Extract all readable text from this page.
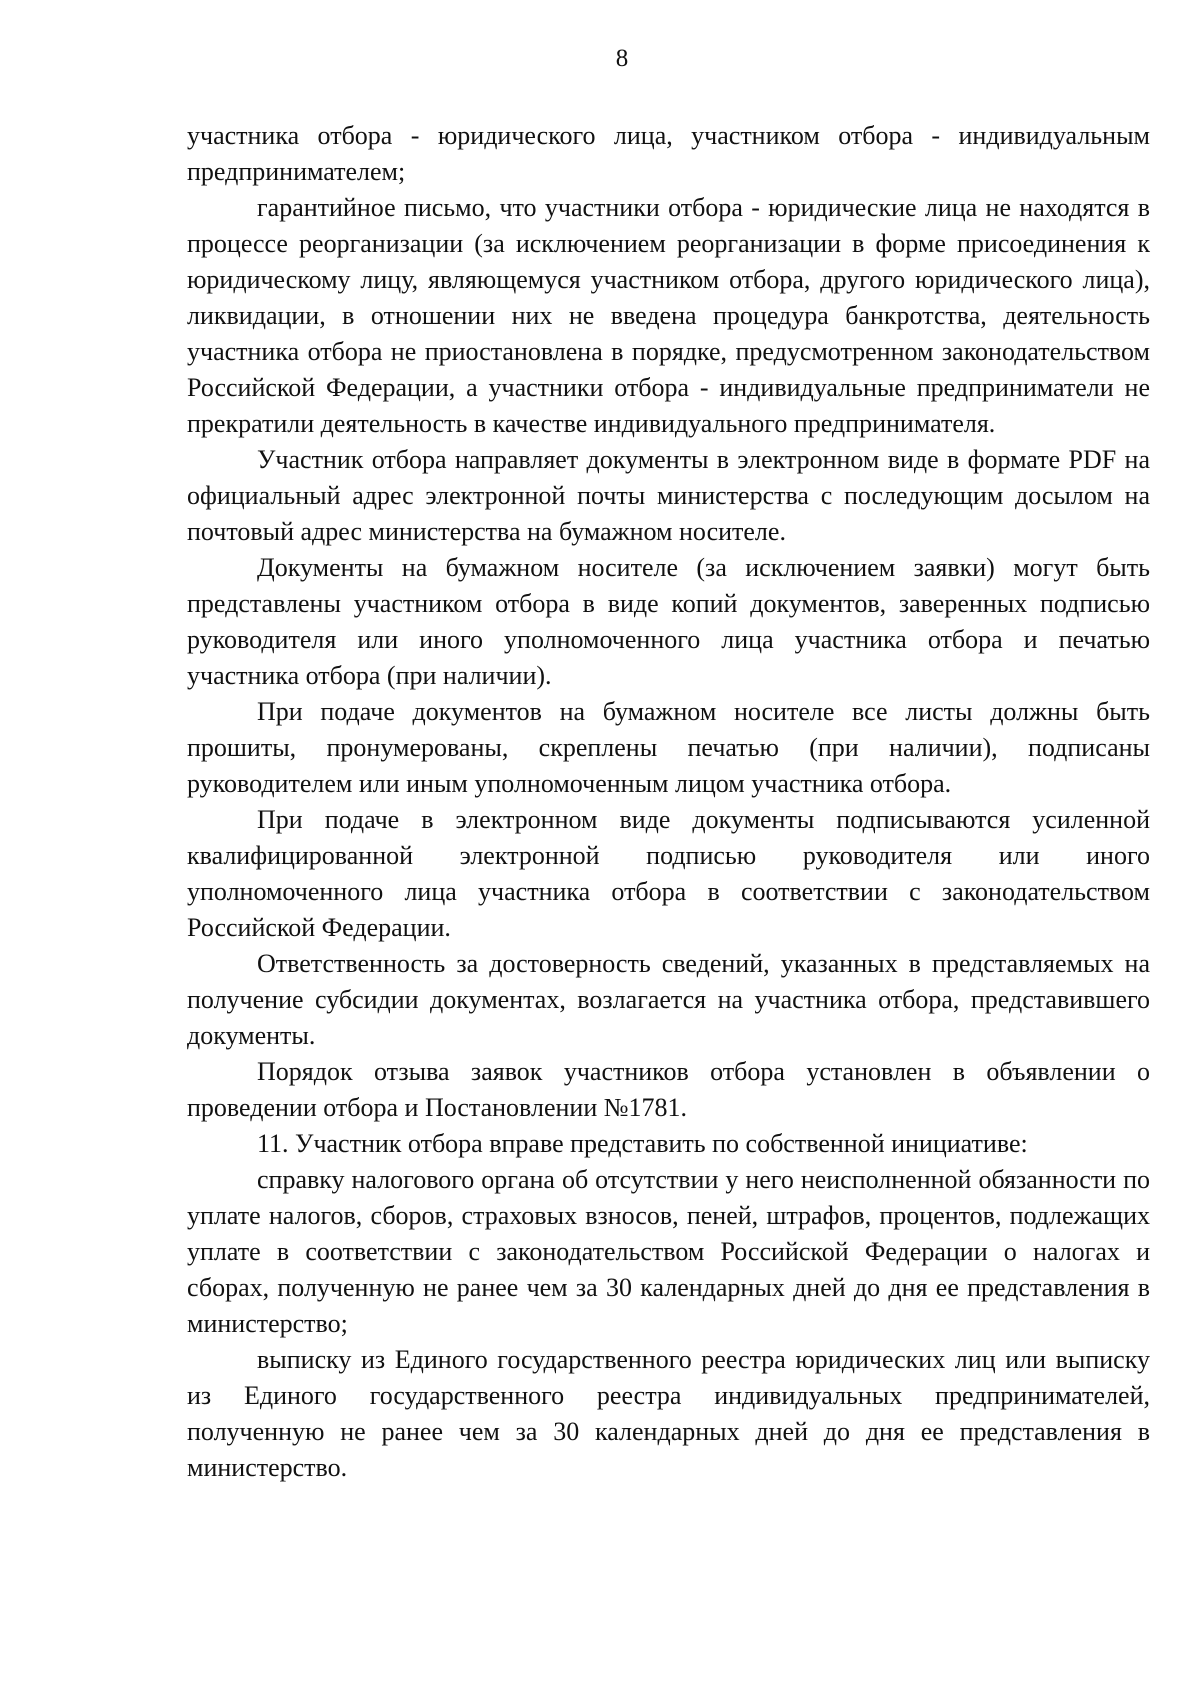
8

участника отбора - юридического лица, участником отбора - индивидуальным предпринимателем;

гарантийное письмо, что участники отбора - юридические лица не находятся в процессе реорганизации (за исключением реорганизации в форме присоединения к юридическому лицу, являющемуся участником отбора, другого юридического лица), ликвидации, в отношении них не введена процедура банкротства, деятельность участника отбора не приостановлена в порядке, предусмотренном законодательством Российской Федерации, а участники отбора - индивидуальные предприниматели не прекратили деятельность в качестве индивидуального предпринимателя.

Участник отбора направляет документы в электронном виде в формате PDF на официальный адрес электронной почты министерства с последующим досылом на почтовый адрес министерства на бумажном носителе.

Документы на бумажном носителе (за исключением заявки) могут быть представлены участником отбора в виде копий документов, заверенных подписью руководителя или иного уполномоченного лица участника отбора и печатью участника отбора (при наличии).

При подаче документов на бумажном носителе все листы должны быть прошиты, пронумерованы, скреплены печатью (при наличии), подписаны руководителем или иным уполномоченным лицом участника отбора.

При подаче в электронном виде документы подписываются усиленной квалифицированной электронной подписью руководителя или иного уполномоченного лица участника отбора в соответствии с законодательством Российской Федерации.

Ответственность за достоверность сведений, указанных в представляемых на получение субсидии документах, возлагается на участника отбора, представившего документы.

Порядок отзыва заявок участников отбора установлен в объявлении о проведении отбора и Постановлении №1781.

11. Участник отбора вправе представить по собственной инициативе:

справку налогового органа об отсутствии у него неисполненной обязанности по уплате налогов, сборов, страховых взносов, пеней, штрафов, процентов, подлежащих уплате в соответствии с законодательством Российской Федерации о налогах и сборах, полученную не ранее чем за 30 календарных дней до дня ее представления в министерство;

выписку из Единого государственного реестра юридических лиц или выписку из Единого государственного реестра индивидуальных предпринимателей, полученную не ранее чем за 30 календарных дней до дня ее представления в министерство.
